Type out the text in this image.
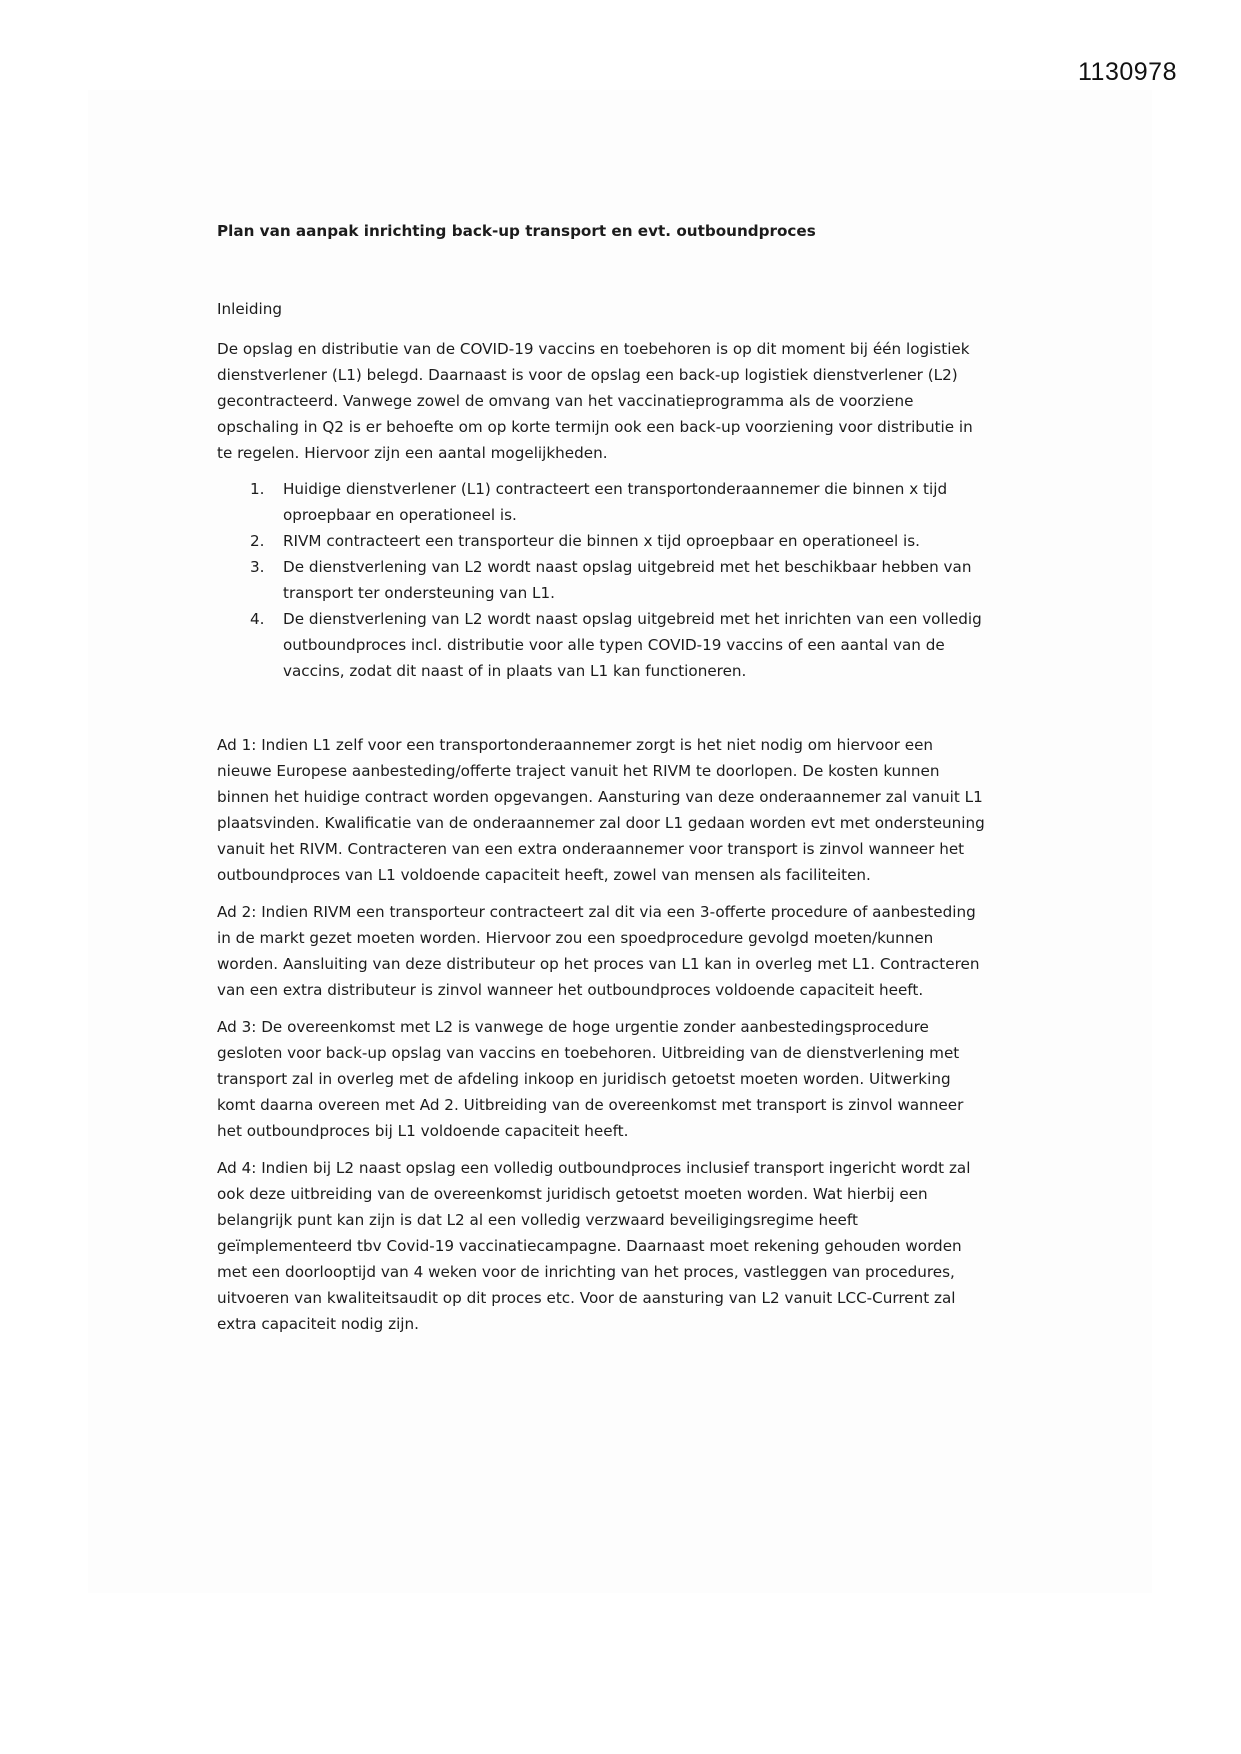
1130978
Plan van aanpak inrichting back-up transport en evt. outboundproces
Inleiding

De opslag en distributie van de COVID-19 vaccins en toebehoren is op dit moment bij één logistiek
dienstverlener (L1) belegd. Daarnaast is voor de opslag een back-up logistiek dienstverlener (L2)
gecontracteerd. Vanwege zowel de omvang van het vaccinatieprogramma als de voorziene
opschaling in Q2 is er behoefte om op korte termijn ook een back-up voorziening voor distributie in
te regelen. Hiervoor zijn een aantal mogelijkheden.

1. Huidige dienstverlener (L1) contracteert een transportonderaannemer die binnen x tijd
oproepbaar en operationeel is.
2. RIVM contracteert een transporteur die binnen x tijd oproepbaar en operationeel is.
3. De dienstverlening van L2 wordt naast opslag uitgebreid met het beschikbaar hebben van
transport ter ondersteuning van L1.
4. De dienstverlening van L2 wordt naast opslag uitgebreid met het inrichten van een volledig
outboundproces incl. distributie voor alle typen COVID-19 vaccins of een aantal van de
vaccins, zodat dit naast of in plaats van L1 kan functioneren.

Ad 1: Indien L1 zelf voor een transportonderaannemer zorgt is het niet nodig om hiervoor een
nieuwe Europese aanbesteding/offerte traject vanuit het RIVM te doorlopen. De kosten kunnen
binnen het huidige contract worden opgevangen. Aansturing van deze onderaannemer zal vanuit L1
plaatsvinden. Kwalificatie van de onderaannemer zal door L1 gedaan worden evt met ondersteuning
vanuit het RIVM. Contracteren van een extra onderaannemer voor transport is zinvol wanneer het
outboundproces van L1 voldoende capaciteit heeft, zowel van mensen als faciliteiten.

Ad 2: Indien RIVM een transporteur contracteert zal dit via een 3-offerte procedure of aanbesteding
in de markt gezet moeten worden. Hiervoor zou een spoedprocedure gevolgd moeten/kunnen
worden. Aansluiting van deze distributeur op het proces van L1 kan in overleg met L1. Contracteren
van een extra distributeur is zinvol wanneer het outboundproces voldoende capaciteit heeft.

Ad 3: De overeenkomst met L2 is vanwege de hoge urgentie zonder aanbestedingsprocedure
gesloten voor back-up opslag van vaccins en toebehoren. Uitbreiding van de dienstverlening met
transport zal in overleg met de afdeling inkoop en juridisch getoetst moeten worden. Uitwerking
komt daarna overeen met Ad 2. Uitbreiding van de overeenkomst met transport is zinvol wanneer
het outboundproces bij L1 voldoende capaciteit heeft.

Ad 4: Indien bij L2 naast opslag een volledig outboundproces inclusief transport ingericht wordt zal
ook deze uitbreiding van de overeenkomst juridisch getoetst moeten worden. Wat hierbij een
belangrijk punt kan zijn is dat L2 al een volledig verzwaard beveiligingsregime heeft
geïmplementeerd tbv Covid-19 vaccinatiecampagne. Daarnaast moet rekening gehouden worden
met een doorlooptijd van 4 weken voor de inrichting van het proces, vastleggen van procedures,
uitvoeren van kwaliteitsaudit op dit proces etc. Voor de aansturing van L2 vanuit LCC-Current zal
extra capaciteit nodig zijn.
